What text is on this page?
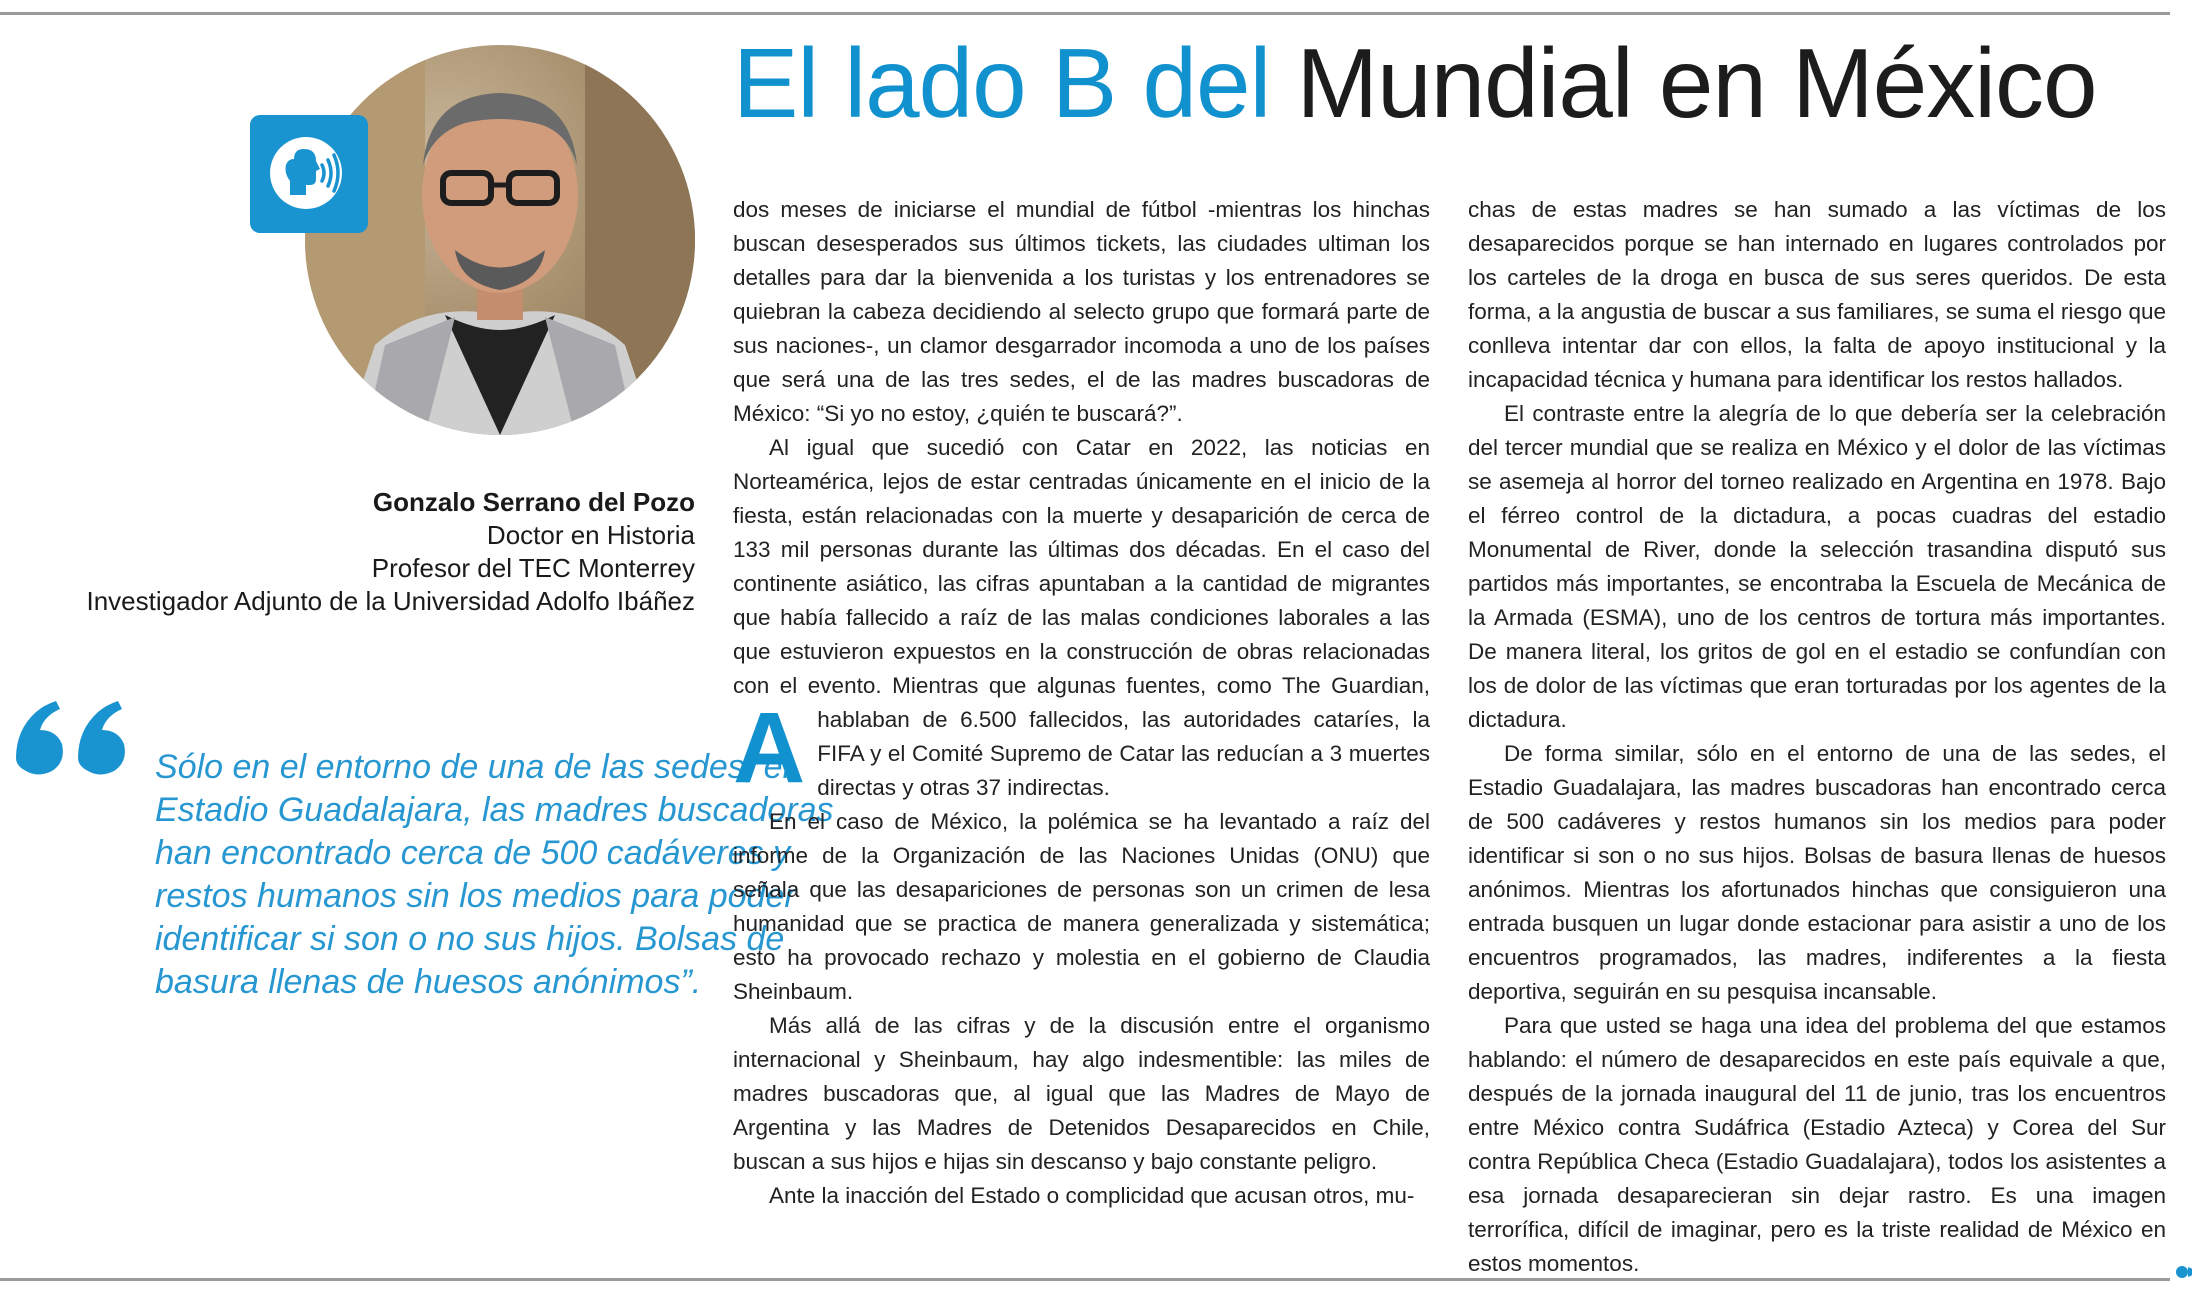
El lado B del Mundial en México
Gonzalo Serrano del Pozo
Doctor en Historia
Profesor del TEC Monterrey
Investigador Adjunto de la Universidad Adolfo Ibáñez
Sólo en el entorno de una de las sedes, el Estadio Guadalajara, las madres buscadoras han encontrado cerca de 500 cadáveres y restos humanos sin los medios para poder identificar si son o no sus hijos. Bolsas de basura llenas de huesos anónimos”.

A
dos meses de iniciarse el mundial de fútbol -mientras los hinchas buscan desesperados sus últimos tickets, las ciudades ultiman los detalles para dar la bienvenida a los turistas y los entrenadores se quiebran la cabeza decidiendo al selecto grupo que formará parte de sus naciones-, un clamor desgarrador incomoda a uno de los países que será una de las tres sedes, el de las madres buscadoras de México: “Si yo no estoy, ¿quién te buscará?”.

Al igual que sucedió con Catar en 2022, las noticias en Norteamérica, lejos de estar centradas únicamente en el inicio de la fiesta, están relacionadas con la muerte y desaparición de cerca de 133 mil personas durante las últimas dos décadas. En el caso del continente asiático, las cifras apuntaban a la cantidad de migrantes que había fallecido a raíz de las malas condiciones laborales a las que estuvieron expuestos en la construcción de obras relacionadas con el evento. Mientras que algunas fuentes, como The Guardian, hablaban de 6.500 fallecidos, las autoridades cataríes, la FIFA y el Comité Supremo de Catar las reducían a 3 muertes directas y otras 37 indirectas.

En el caso de México, la polémica se ha levantado a raíz del informe de la Organización de las Naciones Unidas (ONU) que señala que las desapariciones de personas son un crimen de lesa humanidad que se practica de manera generalizada y sistemática; esto ha provocado rechazo y molestia en el gobierno de Claudia Sheinbaum.

Más allá de las cifras y de la discusión entre el organismo internacional y Sheinbaum, hay algo indesmentible: las miles de madres buscadoras que, al igual que las Madres de Mayo de Argentina y las Madres de Detenidos Desaparecidos en Chile, buscan a sus hijos e hijas sin descanso y bajo constante peligro.

Ante la inacción del Estado o complicidad que acusan otros, mu-

chas de estas madres se han sumado a las víctimas de los desaparecidos porque se han internado en lugares controlados por los carteles de la droga en busca de sus seres queridos. De esta forma, a la angustia de buscar a sus familiares, se suma el riesgo que conlleva intentar dar con ellos, la falta de apoyo institucional y la incapacidad técnica y humana para identificar los restos hallados.

El contraste entre la alegría de lo que debería ser la celebración del tercer mundial que se realiza en México y el dolor de las víctimas se asemeja al horror del torneo realizado en Argentina en 1978. Bajo el férreo control de la dictadura, a pocas cuadras del estadio Monumental de River, donde la selección trasandina disputó sus partidos más importantes, se encontraba la Escuela de Mecánica de la Armada (ESMA), uno de los centros de tortura más importantes. De manera literal, los gritos de gol en el estadio se confundían con los de dolor de las víctimas que eran torturadas por los agentes de la dictadura.

De forma similar, sólo en el entorno de una de las sedes, el Estadio Guadalajara, las madres buscadoras han encontrado cerca de 500 cadáveres y restos humanos sin los medios para poder identificar si son o no sus hijos. Bolsas de basura llenas de huesos anónimos. Mientras los afortunados hinchas que consiguieron una entrada busquen un lugar donde estacionar para asistir a uno de los encuentros programados, las madres, indiferentes a la fiesta deportiva, seguirán en su pesquisa incansable.

Para que usted se haga una idea del problema del que estamos hablando: el número de desaparecidos en este país equivale a que, después de la jornada inaugural del 11 de junio, tras los encuentros entre México contra Sudáfrica (Estadio Azteca) y Corea del Sur contra República Checa (Estadio Guadalajara), todos los asistentes a esa jornada desaparecieran sin dejar rastro. Es una imagen terrorífica, difícil de imaginar, pero es la triste realidad de México en estos momentos.
